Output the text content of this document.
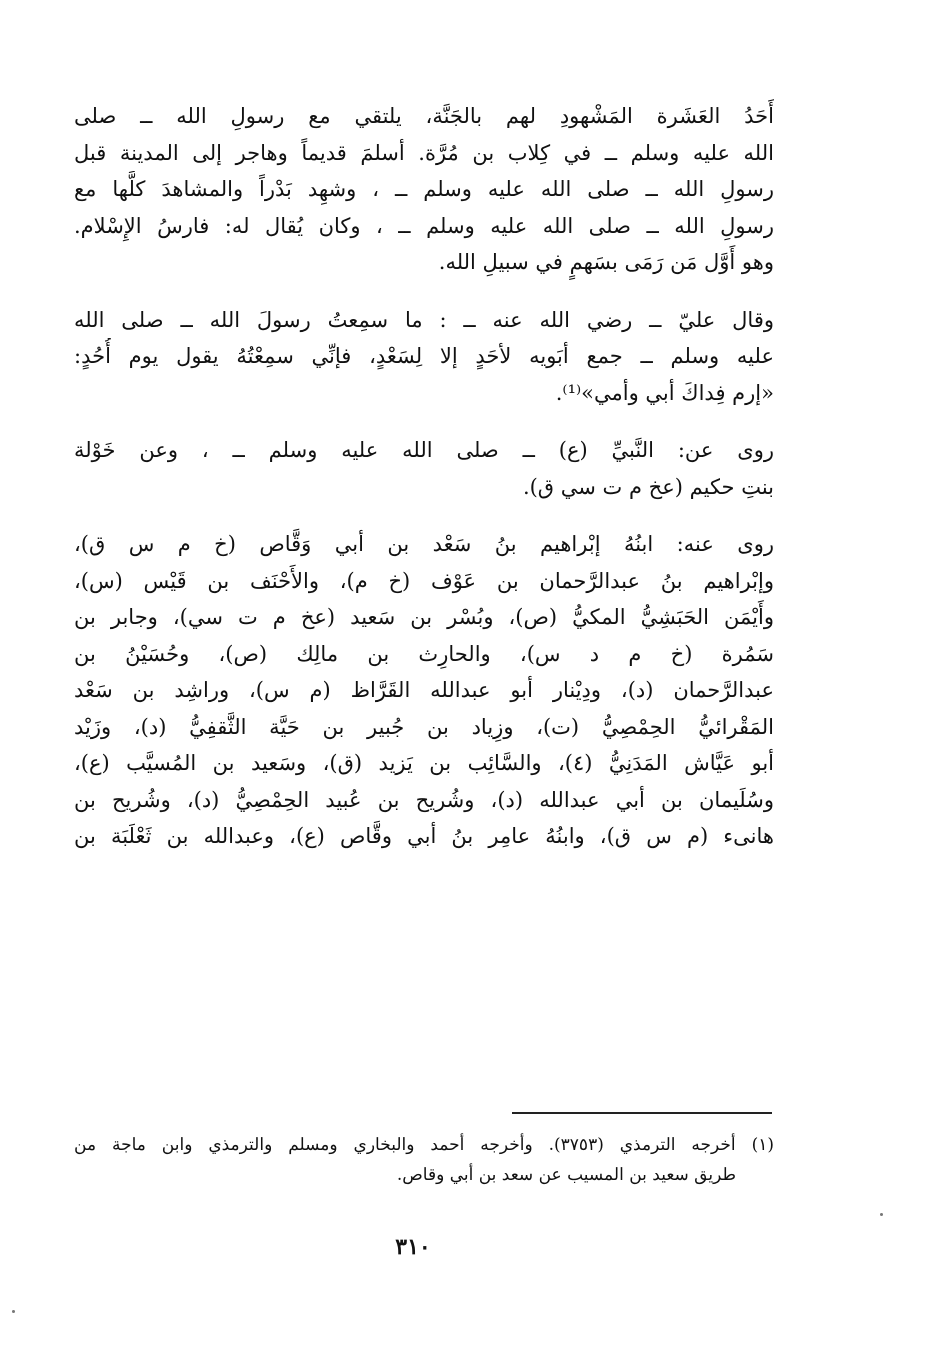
أَحَدُ العَشَرة المَشْهودِ لهم بالجَنَّة، يلتقي مع رسولِ الله ــ صلى
الله عليه وسلم ــ في كِلاب بن مُرَّة. أسلمَ قديماً وهاجر إلى المدينة قبل
رسولِ الله ــ صلى الله عليه وسلم ــ ، وشهِد بَدْراً والمشاهدَ كلَّها مع
رسولِ الله ــ صلى الله عليه وسلم ــ ، وكان يُقال له: فارسُ الإِسْلام.
وهو أَوَّل مَن رَمَى بسَهمٍ في سبيلِ الله.

وقال عليّ ــ رضي الله عنه ــ : ما سمِعتُ رسولَ الله ــ صلى الله
عليه وسلم ــ جمع أبَويه لأحَدٍ إلا لِسَعْدٍ، فإنِّي سمِعْتُهُ يقول يوم أُحُدٍ:
«إرم فِداكَ أبي وأمي»⁽¹⁾.

روى عن: النَّبيِّ (ع) ــ صلى الله عليه وسلم ــ ، وعن خَوْلة
بنتِ حكيم (عخ م ت سي ق).

روى عنه: ابنُهُ إبْراهيم بنُ سَعْد بن أبي وَقَّاص (خ م س ق)،
وإبْراهيم بنُ عبدالرَّحمان بن عَوْف (خ م)، والأَحْنَف بن قَيْس (س)،
وأَيْمَن الحَبَشِيُّ المكيُّ (ص)، وبُسْر بن سَعيد (عخ م ت سي)، وجابر بن
سَمُرة (خ م د س)، والحارِث بن مالِك (ص)، وحُسَيْنُ بن
عبدالرَّحمان (د)، ودِيْنار أبو عبدالله القَرَّاظ (م س)، وراشِد بن سَعْد
المَقْرائيُّ الحِمْصِيُّ (ت)، وزِياد بن جُبير بن حَيَّة الثَّقفِيُّ (د)، وزَيْد
أبو عَيَّاش المَدَنِيُّ (٤)، والسَّائِب بن يَزيد (ق)، وسَعيد بن المُسيَّب (ع)،
وسُلَيمان بن أبي عبدالله (د)، وشُريح بن عُبيد الحِمْصِيُّ (د)، وشُريح بن
هانىء (م س ق)، وابنُهُ عامِر بنُ أبي وقَّاص (ع)، وعبدالله بن ثَعْلَبَة بن

(١) أخرجه الترمذي (٣٧٥٣). وأخرجه أحمد والبخاري ومسلم والترمذي وابن ماجة من
طريق سعيد بن المسيب عن سعد بن أبي وقاص.
٣١٠
